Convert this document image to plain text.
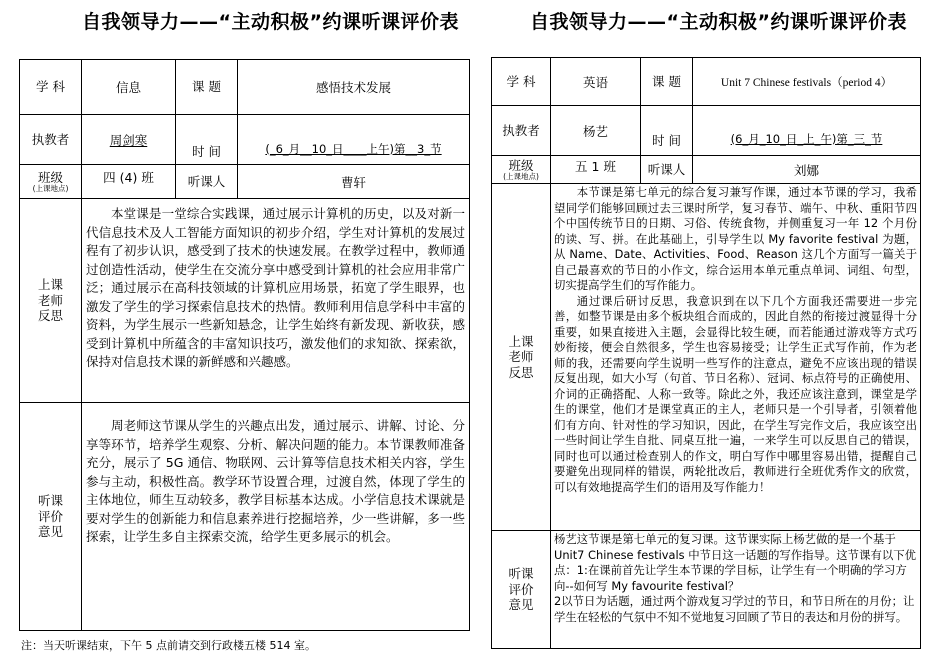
自我领导力——“主动积极”约课听课评价表
学 科	信息	课 题	感悟技术发展
执教者	周剑寒	时 间	(_6_月__10_日____上午)第__3_节
班级
(上课地点)	四 (4) 班	听课人	曹轩
上课老师反思	本堂课是一堂综合实践课，通过展示计算机的历史，以及对新一代信息技术及人工智能方面知识的初步介绍，学生对计算机的发展过程有了初步认识，感受到了技术的快速发展。在教学过程中，教师通过创造性活动，使学生在交流分享中感受到计算机的社会应用非常广泛；通过展示在高科技领域的计算机应用场景，拓宽了学生眼界，也激发了学生的学习探索信息技术的热情。教师利用信息学科中丰富的资料，为学生展示一些新知悬念，让学生始终有新发现、新收获，感受到计算机中所蕴含的丰富知识技巧，激发他们的求知欲、探索欲，保持对信息技术课的新鲜感和兴趣感。		

听课评价意见	周老师这节课从学生的兴趣点出发，通过展示、讲解、讨论、分享等环节，培养学生观察、分析、解决问题的能力。本节课教师准备充分，展示了 5G 通信、物联网、云计算等信息技术相关内容，学生参与主动，积极性高。教学环节设置合理，过渡自然，体现了学生的主体地位，师生互动较多，教学目标基本达成。小学信息技术课就是要对学生的创新能力和信息素养进行挖掘培养，少一些讲解，多一些探索，让学生多自主探索交流，给学生更多展示的机会。		

注：当天听课结束，下午 5 点前请交到行政楼五楼 514 室。
自我领导力——“主动积极”约课听课评价表
学 科	英语	课 题	Unit 7 Chinese festivals（period 4）
执教者	杨艺	时 间	(6_月_10_日_上_午)第_三_节
班级
(上课地点)	五 1 班	听课人	刘娜
上课老师反思	本节课是第七单元的综合复习兼写作课，通过本节课的学习，我希望同学们能够回顾过去三课时所学，复习春节、端午、中秋、重阳节四个中国传统节日的日期、习俗、传统食物，并侧重复习一年 12 个月份的读、写、拼。在此基础上，引导学生以 My favorite festival 为题，从 Name、Date、Activities、Food、Reason 这几个方面写一篇关于自己最喜欢的节日的小作文，综合运用本单元重点单词、词组、句型，切实提高学生们的写作能力。

通过课后研讨反思，我意识到在以下几个方面我还需要进一步完善，如整节课是由多个板块组合而成的，因此自然的衔接过渡显得十分重要，如果直接进入主题，会显得比较生硬，而若能通过游戏等方式巧妙衔接，便会自然很多，学生也容易接受；让学生正式写作前，作为老师的我，还需要向学生说明一些写作的注意点，避免不应该出现的错误反复出现，如大小写（句首、节日名称）、冠词、标点符号的正确使用、介词的正确搭配、人称一致等。除此之外，我还应该注意到，课堂是学生的课堂，他们才是课堂真正的主人，老师只是一个引导者，引领着他们有方向、针对性的学习知识，因此，在学生写完作文后，我应该空出一些时间让学生自批、同桌互批一遍，一来学生可以反思自己的错误，同时也可以通过检查别人的作文，明白写作中哪里容易出错，提醒自己要避免出现同样的错误，两轮批改后，教师进行全班优秀作文的欣赏，可以有效地提高学生们的语用及写作能力！		

听课评价意见	杨艺这节课是第七单元的复习课。这节课实际上杨艺做的是一个基于 Unit7 Chinese festivals 中节日这一话题的写作指导。这节课有以下优点：1:在课前首先让学生本节课的学目标，让学生有一个明确的学习方向--如何写 My favourite festival？

2以节日为话题，通过两个游戏复习学过的节日，和节日所在的月份；让学生在轻松的气氛中不知不觉地复习回顾了节日的表达和月份的拼写。		
